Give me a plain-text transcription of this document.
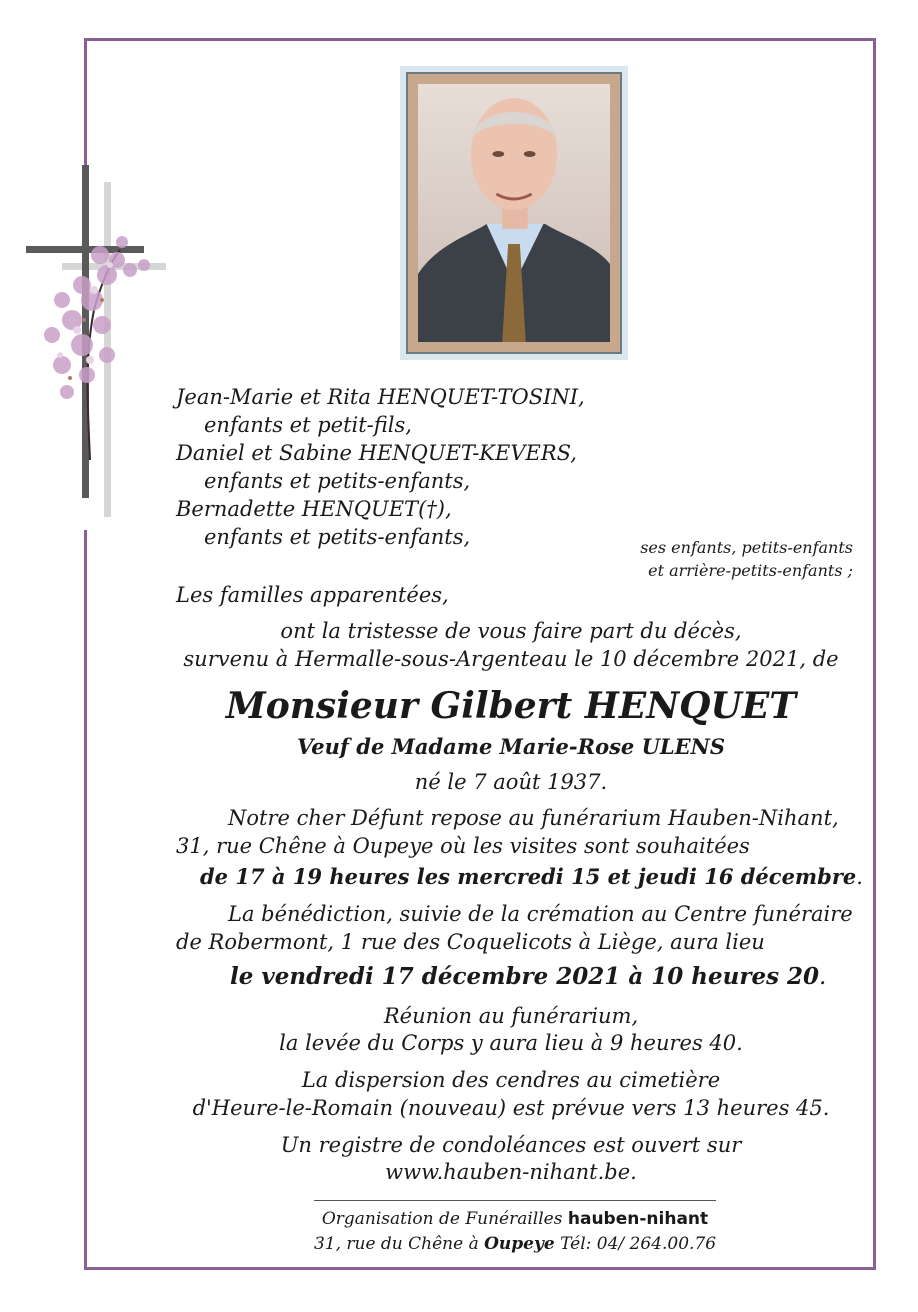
Jean-Marie et Rita HENQUET-TOSINI,
enfants et petit-fils,
Daniel et Sabine HENQUET-KEVERS,
enfants et petits-enfants,
Bernadette HENQUET(†),
enfants et petits-enfants,	ses enfants, petits-enfants
et arrière-petits-enfants ;
Les familles apparentées,
ont la tristesse de vous faire part du décès,
survenu à Hermalle-sous-Argenteau le 10 décembre 2021, de
Monsieur Gilbert HENQUET
Veuf de Madame Marie-Rose ULENS
né le 7 août 1937.
Notre cher Défunt repose au funérarium Hauben-Nihant,
31, rue Chêne à Oupeye où les visites sont souhaitées
de 17 à 19 heures les mercredi 15 et jeudi 16 décembre.
La bénédiction, suivie de la crémation au Centre funéraire
de Robermont, 1 rue des Coquelicots à Liège, aura lieu
le vendredi 17 décembre 2021 à 10 heures 20.
Réunion au funérarium,
la levée du Corps y aura lieu à 9 heures 40.
La dispersion des cendres au cimetière
d'Heure-le-Romain (nouveau) est prévue vers 13 heures 45.
Un registre de condoléances est ouvert sur
www.hauben-nihant.be.
Organisation de Funérailles hauben-nihant
31, rue du Chêne à Oupeye Tél: 04/ 264.00.76
